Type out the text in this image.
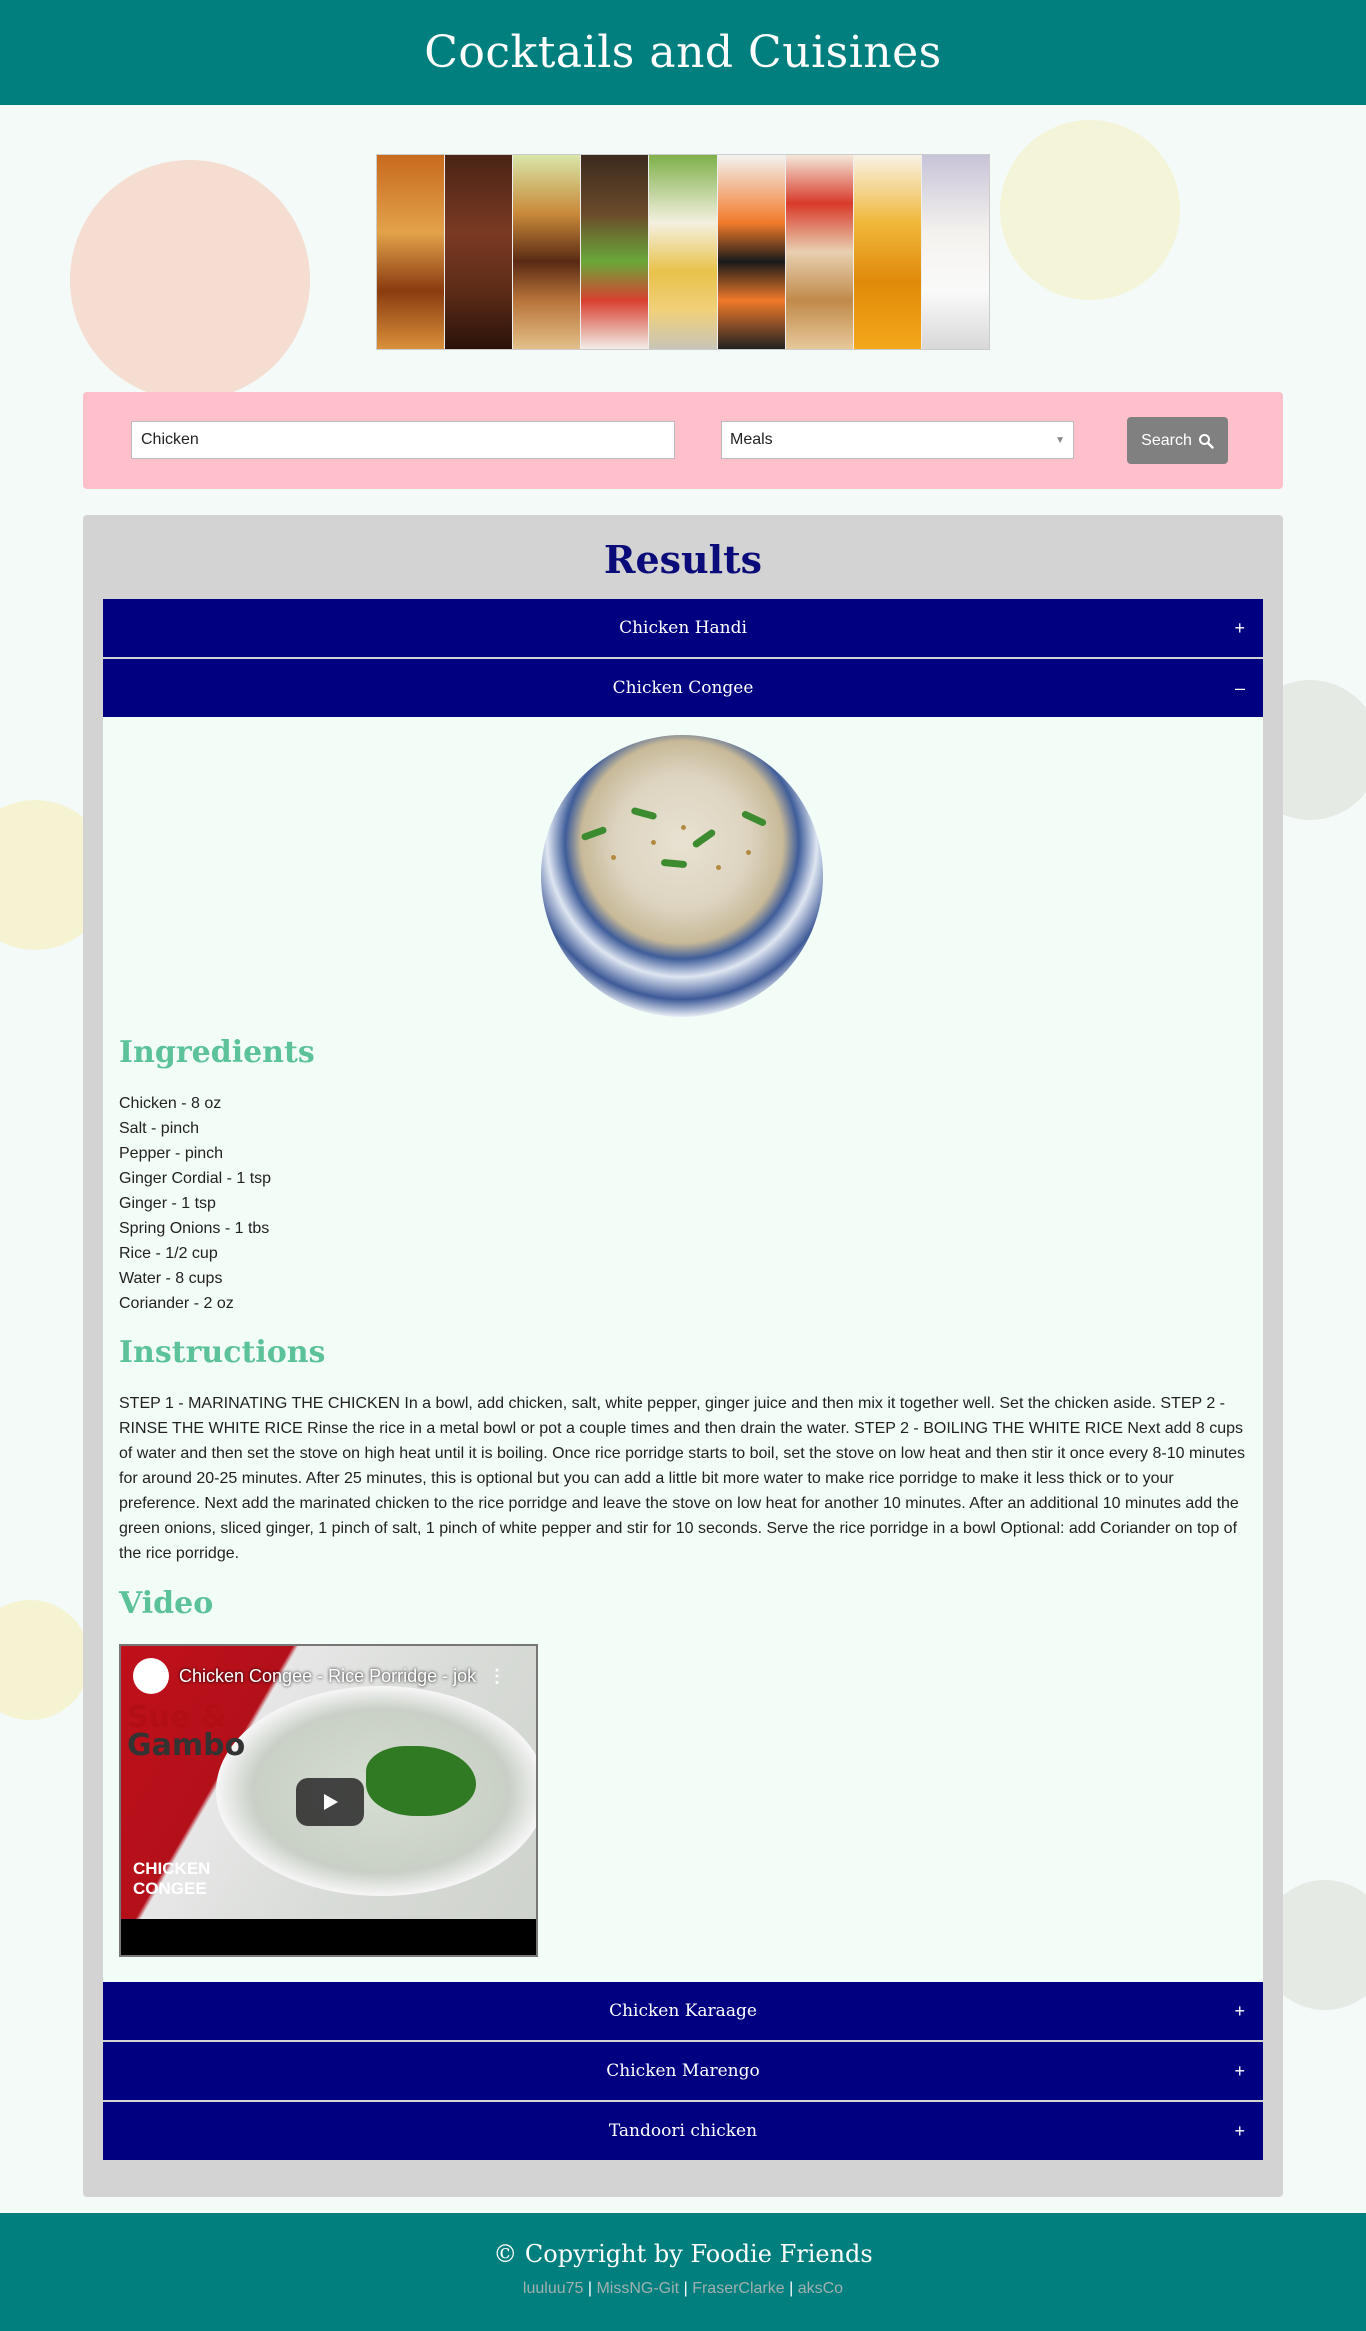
Cocktails and Cuisines
Chicken
Meals	▼	Search
Results
Chicken Handi	+
Chicken Congee	–
Ingredients
Chicken - 8 oz
Salt - pinch
Pepper - pinch
Ginger Cordial - 1 tsp
Ginger - 1 tsp
Spring Onions - 1 tbs
Rice - 1/2 cup
Water - 8 cups
Coriander - 2 oz
Instructions

STEP 1 - MARINATING THE CHICKEN In a bowl, add chicken, salt, white pepper, ginger juice and then mix it together well. Set the chicken aside. STEP 2 - RINSE THE WHITE RICE Rinse the rice in a metal bowl or pot a couple times and then drain the water. STEP 2 - BOILING THE WHITE RICE Next add 8 cups of water and then set the stove on high heat until it is boiling. Once rice porridge starts to boil, set the stove on low heat and then stir it once every 8-10 minutes for around 20-25 minutes. After 25 minutes, this is optional but you can add a little bit more water to make rice porridge to make it less thick or to your preference. Next add the marinated chicken to the rice porridge and leave the stove on low heat for another 10 minutes. After an additional 10 minutes add the green onions, sliced ginger, 1 pinch of salt, 1 pinch of white pepper and stir for 10 seconds. Serve the rice porridge in a bowl Optional: add Coriander on top of the rice porridge.

Video
Sue &
Gambo
CHICKEN
CONGEE
Chicken Congee - Rice Porridge - jok ⋮
Chicken Karaage	+
Chicken Marengo	+
Tandoori chicken	+
© Copyright by Foodie Friends
luuluu75 | MissNG-Git | FraserClarke | aksCo
